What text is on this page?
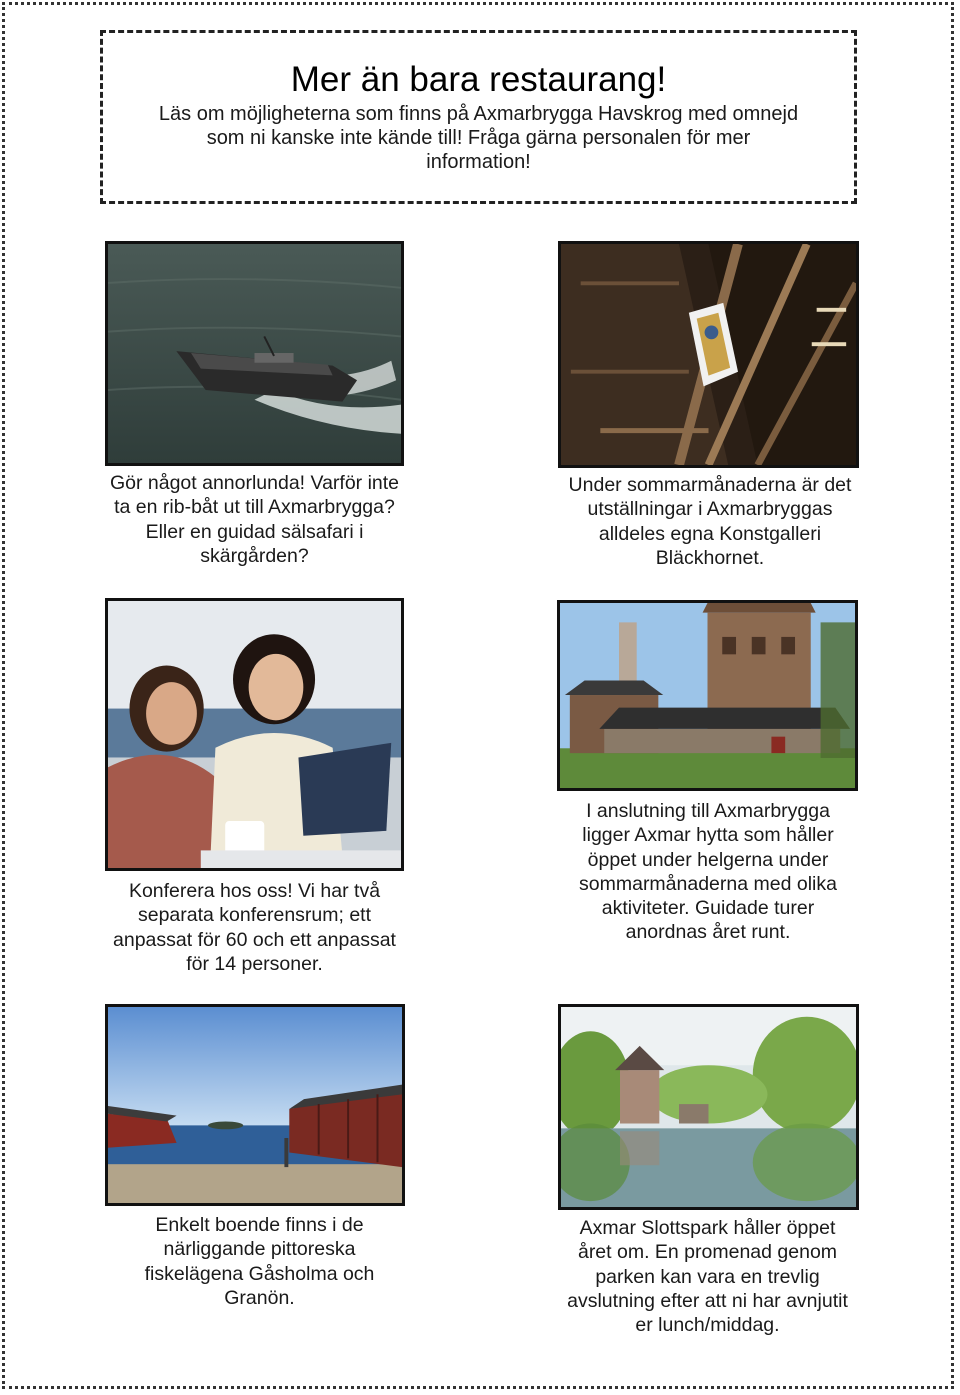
Mer än bara restaurang!

Läs om möjligheterna som finns på Axmarbrygga Havskrog med omnejd som ni kanske inte kände till! Fråga gärna personalen för mer information!

Gör något annorlunda! Varför inte ta en rib-båt ut till Axmarbrygga? Eller en guidad sälsafari i skärgården?
Under sommarmånaderna är det utställningar i Axmarbryggas alldeles egna Konstgalleri Bläckhornet.
Konferera hos oss! Vi har två separata konferensrum; ett anpassat för 60 och ett anpassat för 14 personer.
I anslutning till Axmarbrygga ligger Axmar hytta som håller öppet under helgerna under sommarmånaderna med olika aktiviteter. Guidade turer anordnas året runt.
Enkelt boende finns i de närliggande pittoreska fiskelägena Gåsholma och Granön.
Axmar Slottspark håller öppet året om. En promenad genom parken kan vara en trevlig avslutning efter att ni har avnjutit er lunch/middag.
